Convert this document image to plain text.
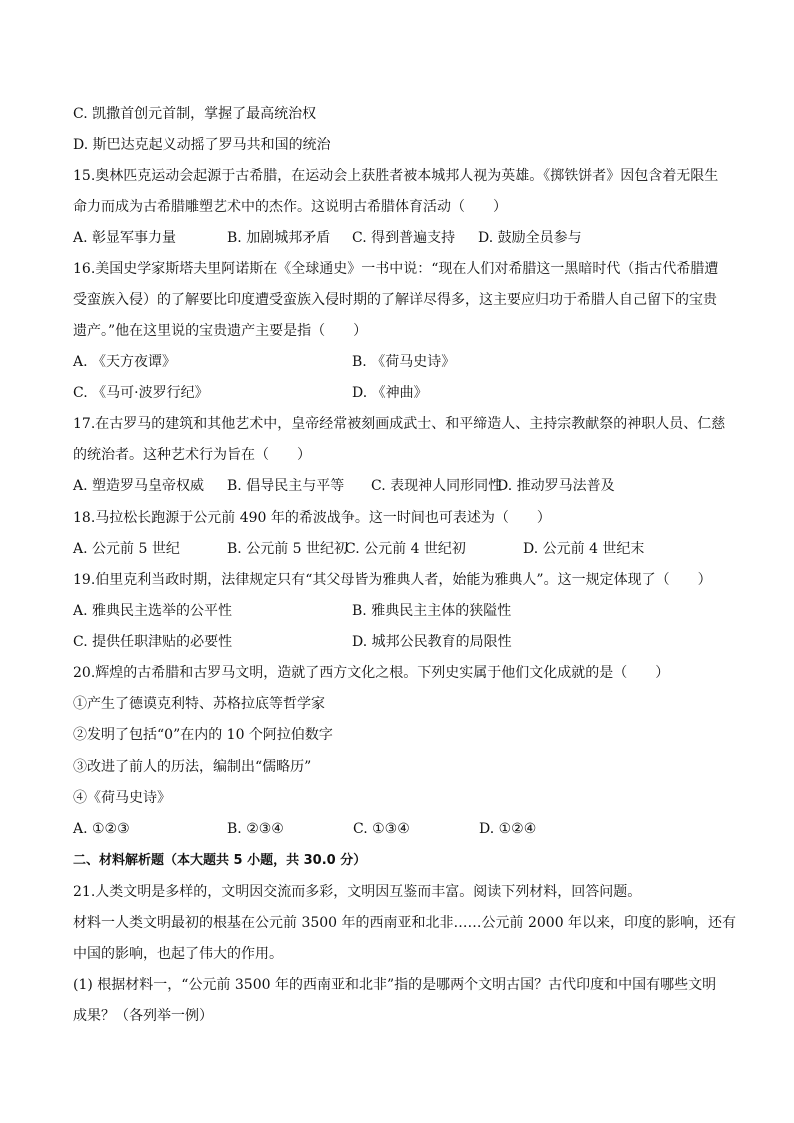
C. 凯撒首创元首制，掌握了最高统治权
D. 斯巴达克起义动摇了罗马共和国的统治
15.奥林匹克运动会起源于古希腊，在运动会上获胜者被本城邦人视为英雄。《掷铁饼者》因包含着无限生
命力而成为古希腊雕塑艺术中的杰作。这说明古希腊体育活动（　　）
A. 彰显军事力量	B. 加剧城邦矛盾	C. 得到普遍支持	D. 鼓励全员参与
16.美国史学家斯塔夫里阿诺斯在《全球通史》一书中说：“现在人们对希腊这一黑暗时代（指古代希腊遭
受蛮族入侵）的了解要比印度遭受蛮族入侵时期的了解详尽得多，这主要应归功于希腊人自己留下的宝贵
遗产。”他在这里说的宝贵遗产主要是指（　　）
A. 《天方夜谭》	B. 《荷马史诗》
C. 《马可·波罗行纪》	D. 《神曲》
17.在古罗马的建筑和其他艺术中，皇帝经常被刻画成武士、和平缔造人、主持宗教献祭的神职人员、仁慈
的统治者。这种艺术行为旨在（　　）
A. 塑造罗马皇帝权威	B. 倡导民主与平等	C. 表现神人同形同性
D. 推动罗马法普及
18.马拉松长跑源于公元前 490 年的希波战争。这一时间也可表述为（　　）
A. 公元前 5 世纪	B. 公元前 5 世纪初
C. 公元前 4 世纪初	D. 公元前 4 世纪末
19.伯里克利当政时期，法律规定只有“其父母皆为雅典人者，始能为雅典人”。这一规定体现了（　　）
A. 雅典民主选举的公平性	B. 雅典民主主体的狭隘性
C. 提供任职津贴的必要性	D. 城邦公民教育的局限性
20.辉煌的古希腊和古罗马文明，造就了西方文化之根。下列史实属于他们文化成就的是（　　）
①产生了德谟克利特、苏格拉底等哲学家
②发明了包括“0”在内的 10 个阿拉伯数字
③改进了前人的历法，编制出“儒略历”
④《荷马史诗》
A. ①②③	B. ②③④	C. ①③④	D. ①②④
二、材料解析题（本大题共 5 小题，共 30.0 分）
21.人类文明是多样的，文明因交流而多彩，文明因互鉴而丰富。阅读下列材料，回答问题。
材料一人类文明最初的根基在公元前 3500 年的西南亚和北非……公元前 2000 年以来，印度的影响，还有
中国的影响，也起了伟大的作用。
(1) 根据材料一，“公元前 3500 年的西南亚和北非”指的是哪两个文明古国？古代印度和中国有哪些文明
成果？（各列举一例）
